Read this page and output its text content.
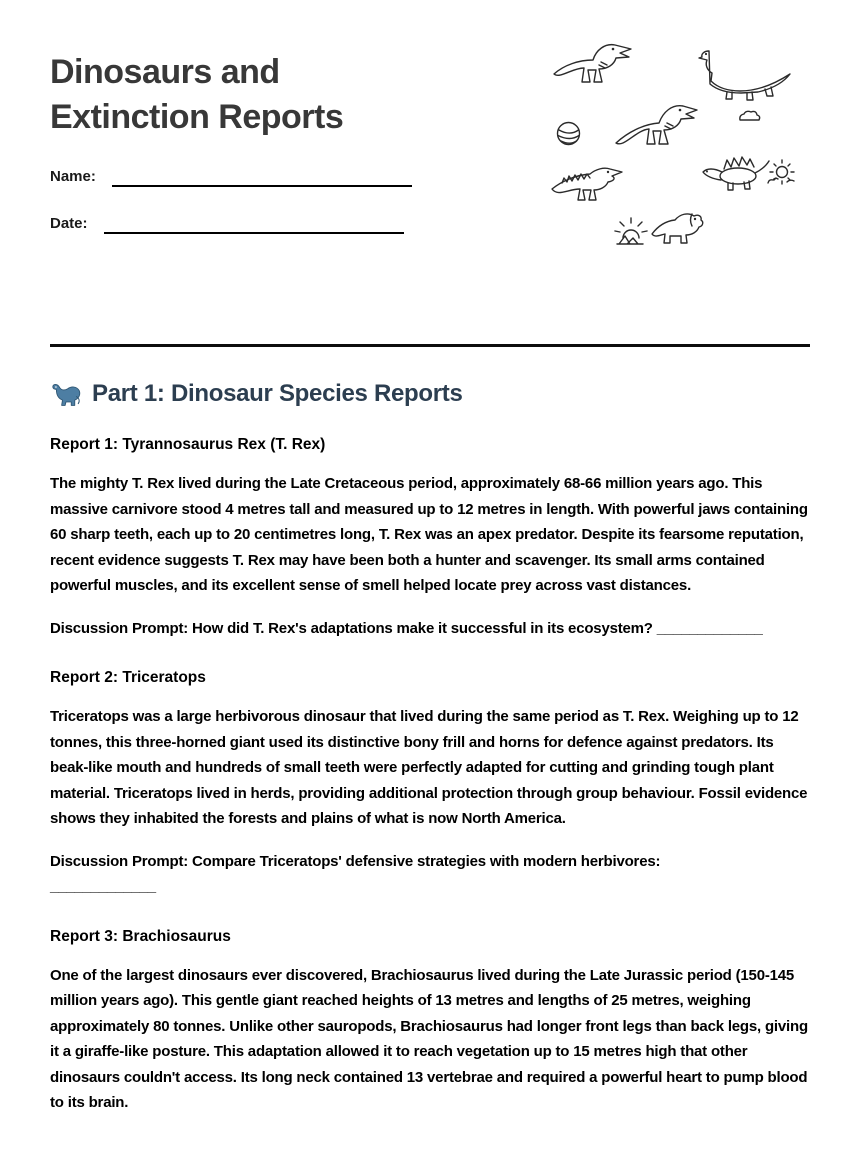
Dinosaurs and
Extinction Reports
Name:
Date:
Part 1: Dinosaur Species Reports
Report 1: Tyrannosaurus Rex (T. Rex)

The mighty T. Rex lived during the Late Cretaceous period, approximately 68-66 million years ago. This massive carnivore stood 4 metres tall and measured up to 12 metres in length. With powerful jaws containing 60 sharp teeth, each up to 20 centimetres long, T. Rex was an apex predator. Despite its fearsome reputation, recent evidence suggests T. Rex may have been both a hunter and scavenger. Its small arms contained powerful muscles, and its excellent sense of smell helped locate prey across vast distances.

Discussion Prompt: How did T. Rex's adaptations make it successful in its ecosystem? _____________

Report 2: Triceratops

Triceratops was a large herbivorous dinosaur that lived during the same period as T. Rex. Weighing up to 12 tonnes, this three-horned giant used its distinctive bony frill and horns for defence against predators. Its beak-like mouth and hundreds of small teeth were perfectly adapted for cutting and grinding tough plant material. Triceratops lived in herds, providing additional protection through group behaviour. Fossil evidence shows they inhabited the forests and plains of what is now North America.

Discussion Prompt: Compare Triceratops' defensive strategies with modern herbivores:
_____________

Report 3: Brachiosaurus

One of the largest dinosaurs ever discovered, Brachiosaurus lived during the Late Jurassic period (150-145 million years ago). This gentle giant reached heights of 13 metres and lengths of 25 metres, weighing approximately 80 tonnes. Unlike other sauropods, Brachiosaurus had longer front legs than back legs, giving it a giraffe-like posture. This adaptation allowed it to reach vegetation up to 15 metres high that other dinosaurs couldn't access. Its long neck contained 13 vertebrae and required a powerful heart to pump blood to its brain.
